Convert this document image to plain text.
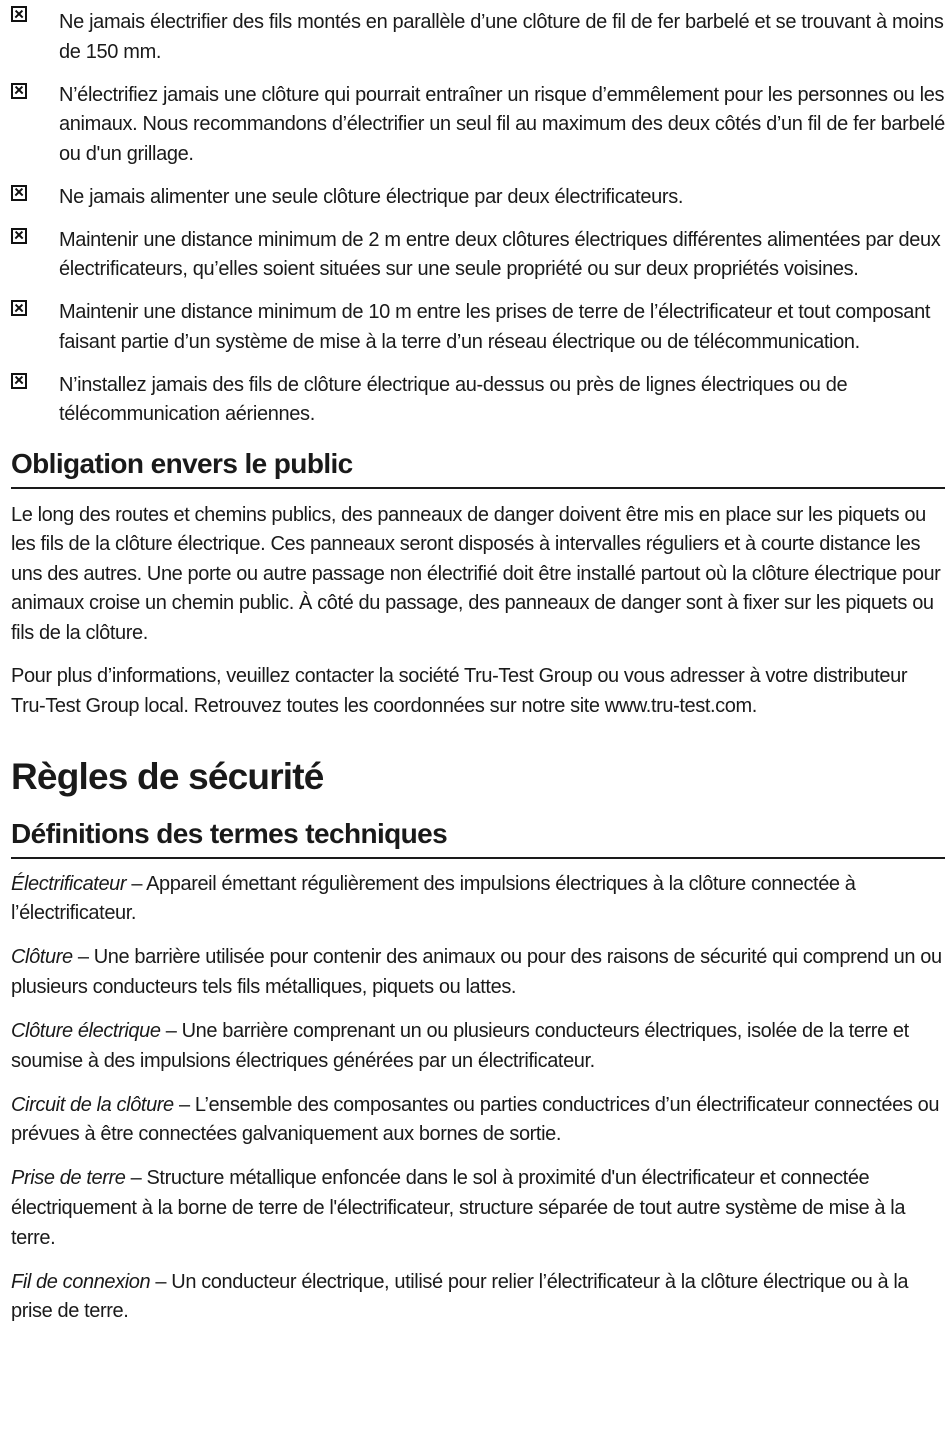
Ne jamais électrifier des fils montés en parallèle d’une clôture de fil de fer barbelé et se trouvant à moins de 150 mm.
N’électrifiez jamais une clôture qui pourrait entraîner un risque d’emmêlement pour les personnes ou les animaux. Nous recommandons d’électrifier un seul fil au maximum des deux côtés d’un fil de fer barbelé ou d'un grillage.
Ne jamais alimenter une seule clôture électrique par deux électrificateurs.
Maintenir une distance minimum de 2 m entre deux clôtures électriques différentes alimentées par deux électrificateurs, qu’elles soient situées sur une seule propriété ou sur deux propriétés voisines.
Maintenir une distance minimum de 10 m entre les prises de terre de l’électrificateur et tout composant faisant partie d’un système de mise à la terre d’un réseau électrique ou de télécommunication.
N’installez jamais des fils de clôture électrique au-dessus ou près de lignes électriques ou de télécommunication aériennes.
Obligation envers le public

Le long des routes et chemins publics, des panneaux de danger doivent être mis en place sur les piquets ou les fils de la clôture électrique. Ces panneaux seront disposés à intervalles réguliers et à courte distance les uns des autres. Une porte ou autre passage non électrifié doit être installé partout où la clôture électrique pour animaux croise un chemin public. À côté du passage, des panneaux de danger sont à fixer sur les piquets ou fils de la clôture.

Pour plus d’informations, veuillez contacter la société Tru-Test Group ou vous adresser à votre distributeur Tru-Test Group local. Retrouvez toutes les coordonnées sur notre site www.tru-test.com.

Règles de sécurité
Définitions des termes techniques

Électrificateur – Appareil émettant régulièrement des impulsions électriques à la clôture connectée à l’électrificateur.

Clôture – Une barrière utilisée pour contenir des animaux ou pour des raisons de sécurité qui comprend un ou plusieurs conducteurs tels fils métalliques, piquets ou lattes.

Clôture électrique – Une barrière comprenant un ou plusieurs conducteurs électriques, isolée de la terre et soumise à des impulsions électriques générées par un électrificateur.

Circuit de la clôture – L’ensemble des composantes ou parties conductrices d’un électrificateur connectées ou prévues à être connectées galvaniquement aux bornes de sortie.

Prise de terre – Structure métallique enfoncée dans le sol à proximité d'un électrificateur et connectée électriquement à la borne de terre de l'électrificateur, structure séparée de tout autre système de mise à la terre.

Fil de connexion – Un conducteur électrique, utilisé pour relier l’électrificateur à la clôture électrique ou à la prise de terre.
